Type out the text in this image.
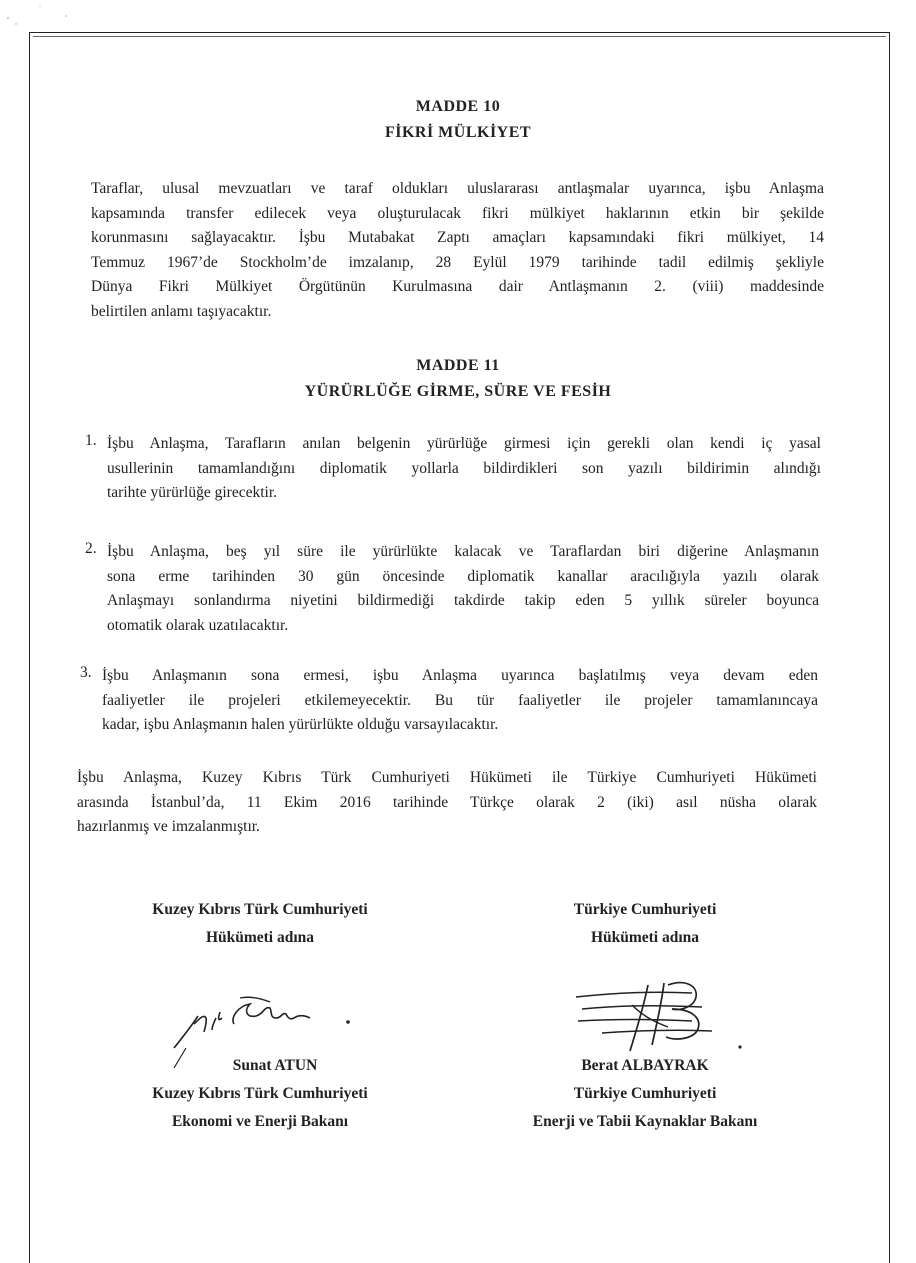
MADDE 10
FİKRİ MÜLKİYET
Taraflar, ulusal mevzuatları ve taraf oldukları uluslararası antlaşmalar uyarınca, işbu Anlaşma
kapsamında transfer edilecek veya oluşturulacak fikri mülkiyet haklarının etkin bir şekilde
korunmasını sağlayacaktır. İşbu Mutabakat Zaptı amaçları kapsamındaki fikri mülkiyet, 14
Temmuz 1967’de Stockholm’de imzalanıp, 28 Eylül 1979 tarihinde tadil edilmiş şekliyle
Dünya Fikri Mülkiyet Örgütünün Kurulmasına dair Antlaşmanın 2. (viii) maddesinde
belirtilen anlamı taşıyacaktır.
MADDE 11
YÜRÜRLÜĞE GİRME, SÜRE VE FESİH
1. İşbu Anlaşma, Tarafların anılan belgenin yürürlüğe girmesi için gerekli olan kendi iç yasal
usullerinin tamamlandığını diplomatik yollarla bildirdikleri son yazılı bildirimin alındığı
tarihte yürürlüğe girecektir.
2. İşbu Anlaşma, beş yıl süre ile yürürlükte kalacak ve Taraflardan biri diğerine Anlaşmanın
sona erme tarihinden 30 gün öncesinde diplomatik kanallar aracılığıyla yazılı olarak
Anlaşmayı sonlandırma niyetini bildirmediği takdirde takip eden 5 yıllık süreler boyunca
otomatik olarak uzatılacaktır.
3. İşbu Anlaşmanın sona ermesi, işbu Anlaşma uyarınca başlatılmış veya devam eden
faaliyetler ile projeleri etkilemeyecektir. Bu tür faaliyetler ile projeler tamamlanıncaya
kadar, işbu Anlaşmanın halen yürürlükte olduğu varsayılacaktır.
İşbu Anlaşma, Kuzey Kıbrıs Türk Cumhuriyeti Hükümeti ile Türkiye Cumhuriyeti Hükümeti
arasında İstanbul’da, 11 Ekim 2016 tarihinde Türkçe olarak 2 (iki) asıl nüsha olarak
hazırlanmış ve imzalanmıştır.
Kuzey Kıbrıs Türk Cumhuriyeti
Hükümeti adına
Sunat ATUN
Kuzey Kıbrıs Türk Cumhuriyeti
Ekonomi ve Enerji Bakanı
Türkiye Cumhuriyeti
Hükümeti adına
Berat ALBAYRAK
Türkiye Cumhuriyeti
Enerji ve Tabii Kaynaklar Bakanı
